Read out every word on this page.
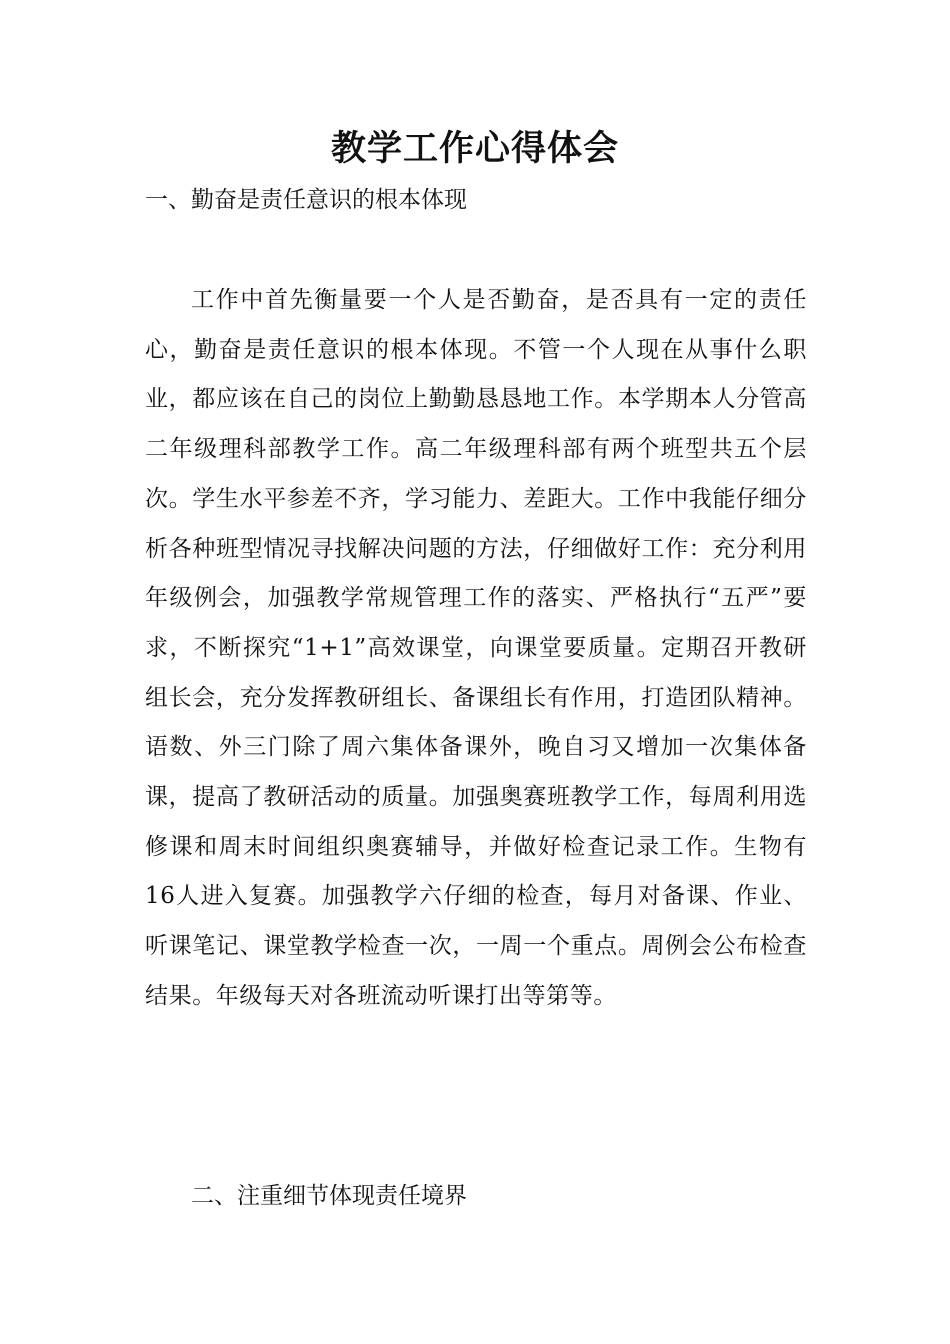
教学工作心得体会

一、勤奋是责任意识的根本体现

工作中首先衡量要一个人是否勤奋，是否具有一定的责任心，勤奋是责任意识的根本体现。不管一个人现在从事什么职业，都应该在自己的岗位上勤勤恳恳地工作。本学期本人分管高二年级理科部教学工作。高二年级理科部有两个班型共五个层次。学生水平参差不齐，学习能力、差距大。工作中我能仔细分析各种班型情况寻找解决问题的方法，仔细做好工作：充分利用年级例会，加强教学常规管理工作的落实、严格执行“五严”要求，不断探究“1+1”高效课堂，向课堂要质量。定期召开教研组长会，充分发挥教研组长、备课组长有作用，打造团队精神。语数、外三门除了周六集体备课外，晚自习又增加一次集体备课，提高了教研活动的质量。加强奥赛班教学工作，每周利用选修课和周末时间组织奥赛辅导，并做好检查记录工作。生物有16人进入复赛。加强教学六仔细的检查，每月对备课、作业、听课笔记、课堂教学检查一次，一周一个重点。周例会公布检查结果。年级每天对各班流动听课打出等第等。

二、注重细节体现责任境界
